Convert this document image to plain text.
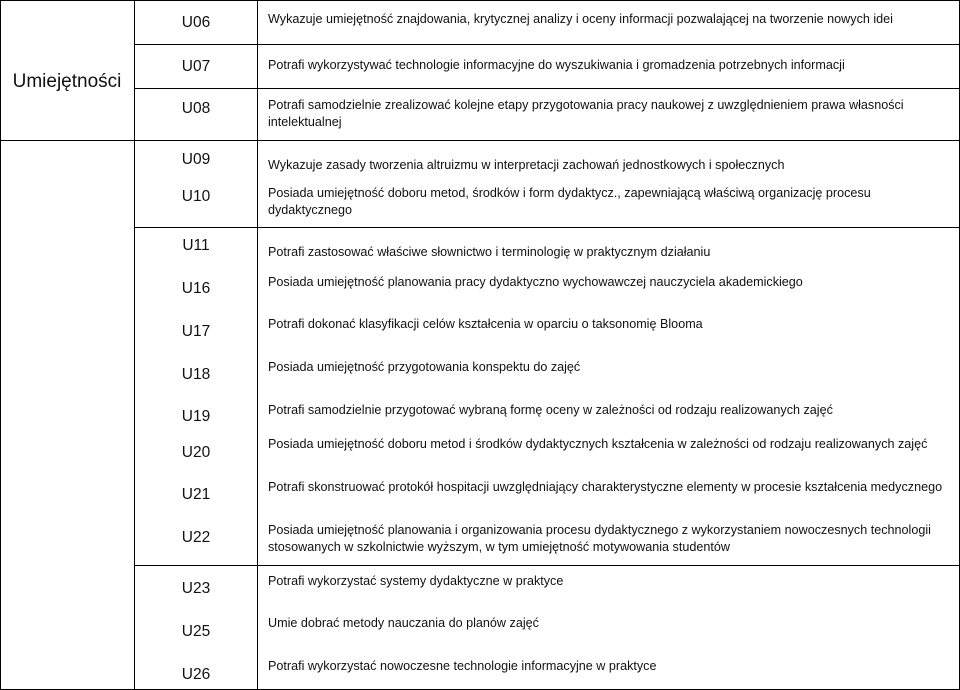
Umiejętności
U06
U07
U08
U09
U10
U11
U16
U17
U18
U19
U20
U21
U22
U23
U25
U26
Wykazuje umiejętność znajdowania, krytycznej analizy i oceny informacji pozwalającej na tworzenie nowych idei
Potrafi wykorzystywać technologie informacyjne do wyszukiwania i gromadzenia potrzebnych informacji
Potrafi samodzielnie zrealizować kolejne etapy przygotowania pracy naukowej z uwzględnieniem prawa własności intelektualnej
Wykazuje zasady tworzenia altruizmu w interpretacji zachowań jednostkowych i społecznych
Posiada umiejętność doboru metod, środków i form dydaktycz., zapewniającą właściwą organizację procesu dydaktycznego
Potrafi zastosować właściwe słownictwo i terminologię w praktycznym działaniu
Posiada umiejętność planowania pracy dydaktyczno wychowawczej nauczyciela akademickiego
Potrafi dokonać klasyfikacji celów kształcenia w oparciu o taksonomię Blooma
Posiada umiejętność przygotowania konspektu do zajęć
Potrafi samodzielnie przygotować wybraną formę oceny w zależności od rodzaju realizowanych zajęć
Posiada umiejętność doboru metod i środków dydaktycznych kształcenia w zależności od rodzaju realizowanych zajęć
Potrafi skonstruować protokół hospitacji uwzględniający charakterystyczne elementy w procesie kształcenia medycznego
Posiada umiejętność planowania i organizowania procesu dydaktycznego z wykorzystaniem nowoczesnych technologii stosowanych w szkolnictwie wyższym, w tym umiejętność motywowania studentów
Potrafi wykorzystać systemy dydaktyczne w praktyce
Umie dobrać metody nauczania do planów zajęć
Potrafi wykorzystać nowoczesne technologie informacyjne w praktyce
